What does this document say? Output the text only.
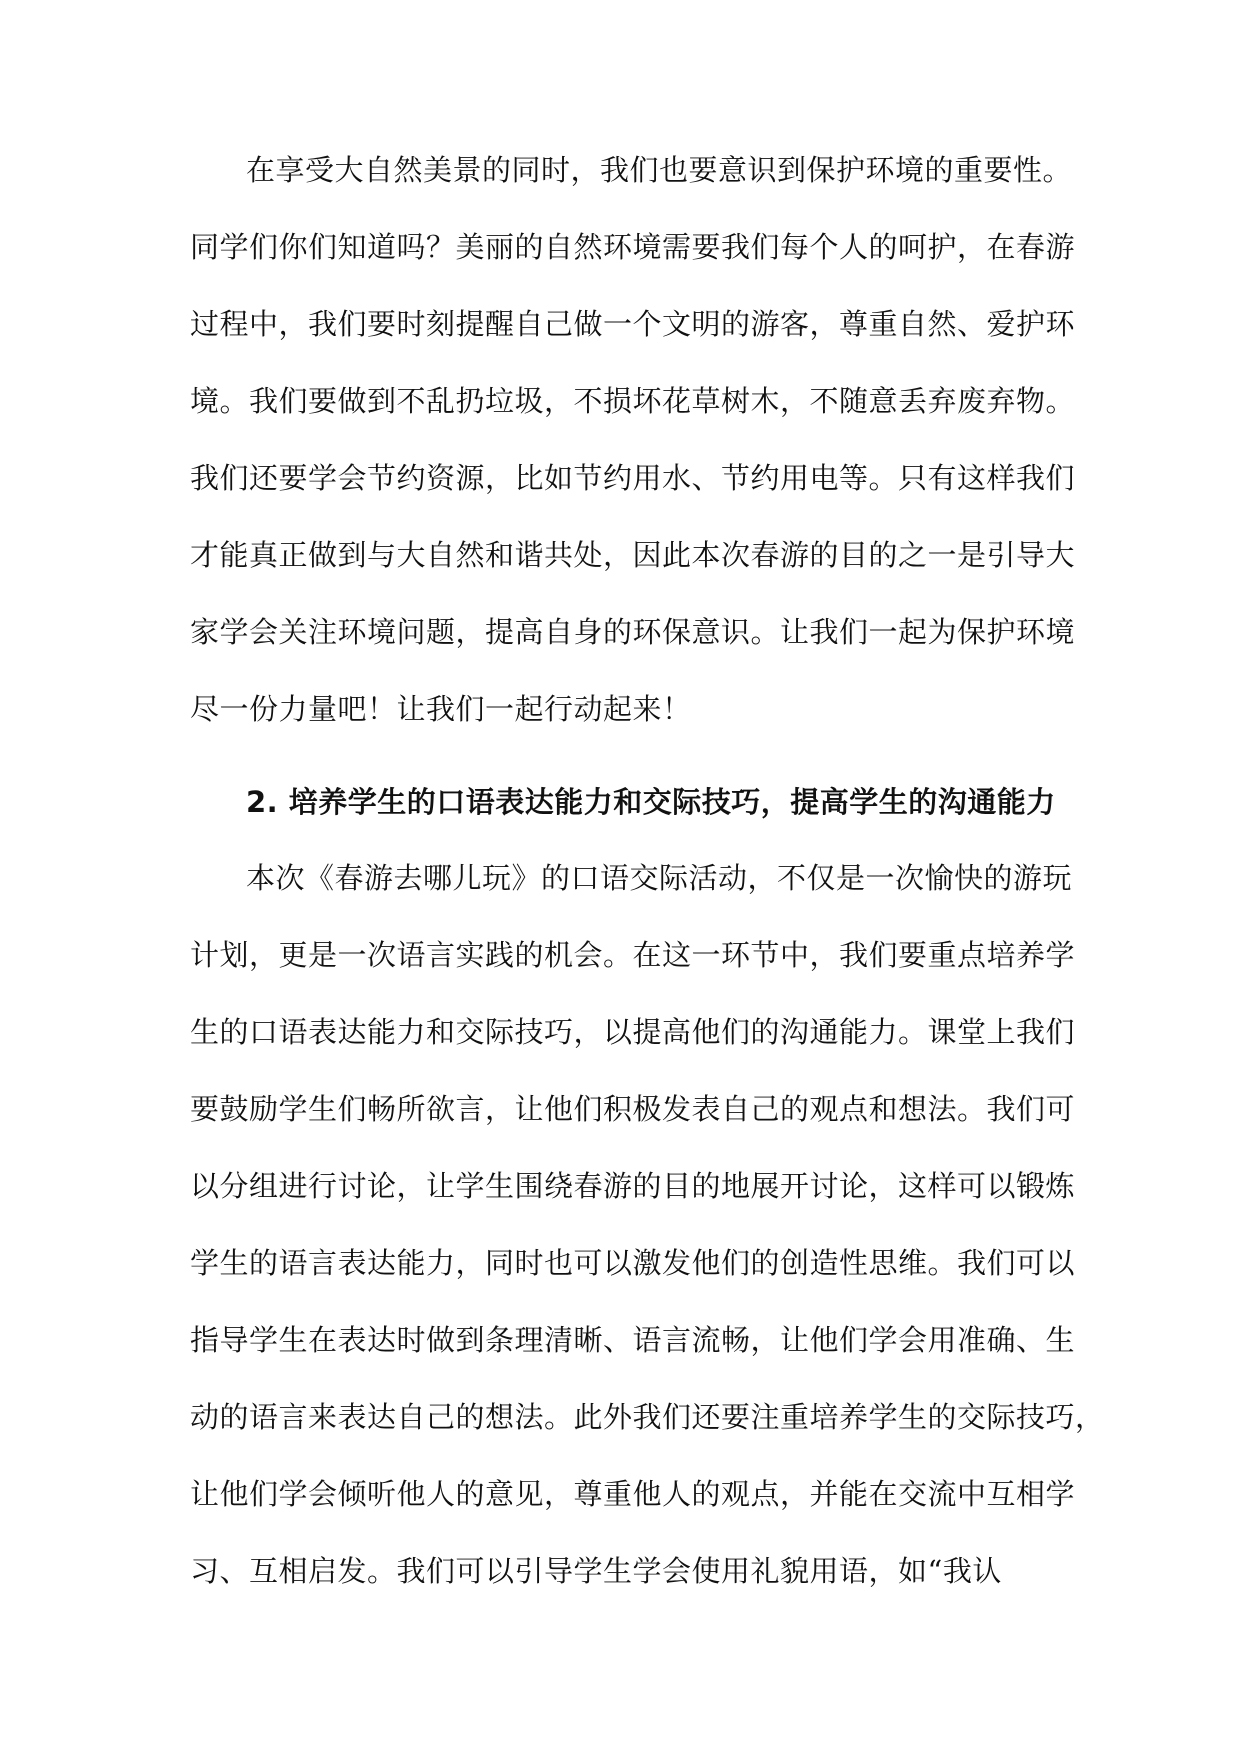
在享受大自然美景的同时，我们也要意识到保护环境的重要性。
同学们你们知道吗？美丽的自然环境需要我们每个人的呵护，在春游
过程中，我们要时刻提醒自己做一个文明的游客，尊重自然、爱护环
境。我们要做到不乱扔垃圾，不损坏花草树木，不随意丢弃废弃物。
我们还要学会节约资源，比如节约用水、节约用电等。只有这样我们
才能真正做到与大自然和谐共处，因此本次春游的目的之一是引导大
家学会关注环境问题，提高自身的环保意识。让我们一起为保护环境
尽一份力量吧！让我们一起行动起来！
2. 培养学生的口语表达能力和交际技巧，提高学生的沟通能力
本次《春游去哪儿玩》的口语交际活动，不仅是一次愉快的游玩
计划，更是一次语言实践的机会。在这一环节中，我们要重点培养学
生的口语表达能力和交际技巧，以提高他们的沟通能力。课堂上我们
要鼓励学生们畅所欲言，让他们积极发表自己的观点和想法。我们可
以分组进行讨论，让学生围绕春游的目的地展开讨论，这样可以锻炼
学生的语言表达能力，同时也可以激发他们的创造性思维。我们可以
指导学生在表达时做到条理清晰、语言流畅，让他们学会用准确、生
动的语言来表达自己的想法。此外我们还要注重培养学生的交际技巧，
让他们学会倾听他人的意见，尊重他人的观点，并能在交流中互相学
习、互相启发。我们可以引导学生学会使用礼貌用语，如“我认
